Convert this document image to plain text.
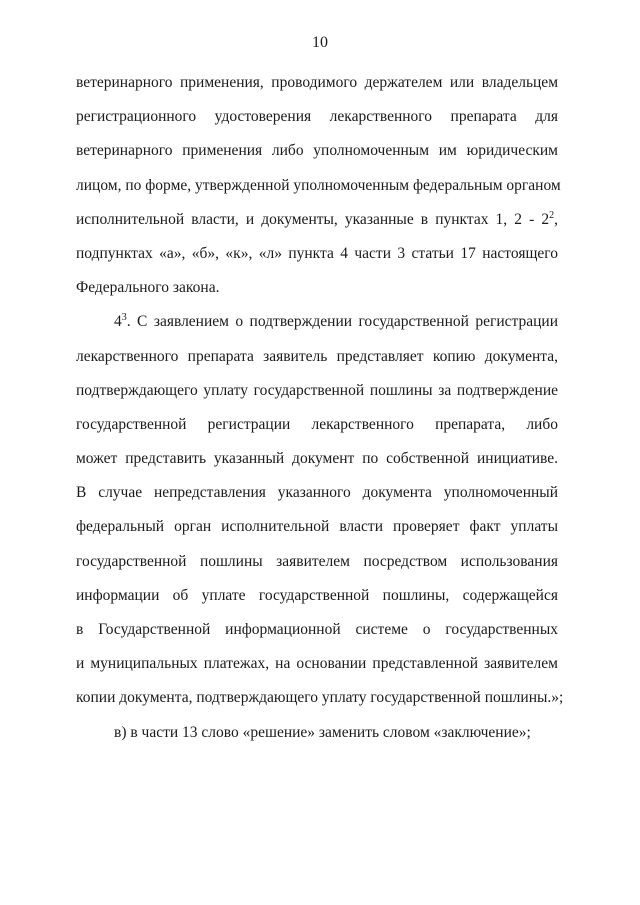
10
ветеринарного применения, проводимого держателем или владельцем
регистрационного удостоверения лекарственного препарата для
ветеринарного применения либо уполномоченным им юридическим
лицом, по форме, утвержденной уполномоченным федеральным органом
исполнительной власти, и документы, указанные в пунктах 1, $2 - 2^2$,
подпунктах «а», «б», «к», «л» пункта 4 части 3 статьи 17 настоящего
Федерального закона.
$4^3$. С заявлением о подтверждении государственной регистрации
лекарственного препарата заявитель представляет копию документа,
подтверждающего уплату государственной пошлины за подтверждение
государственной регистрации лекарственного препарата, либо
может представить указанный документ по собственной инициативе.
В случае непредставления указанного документа уполномоченный
федеральный орган исполнительной власти проверяет факт уплаты
государственной пошлины заявителем посредством использования
информации об уплате государственной пошлины, содержащейся
в Государственной информационной системе о государственных
и муниципальных платежах, на основании представленной заявителем
копии документа, подтверждающего уплату государственной пошлины.»;
в) в части 13 слово «решение» заменить словом «заключение»;
